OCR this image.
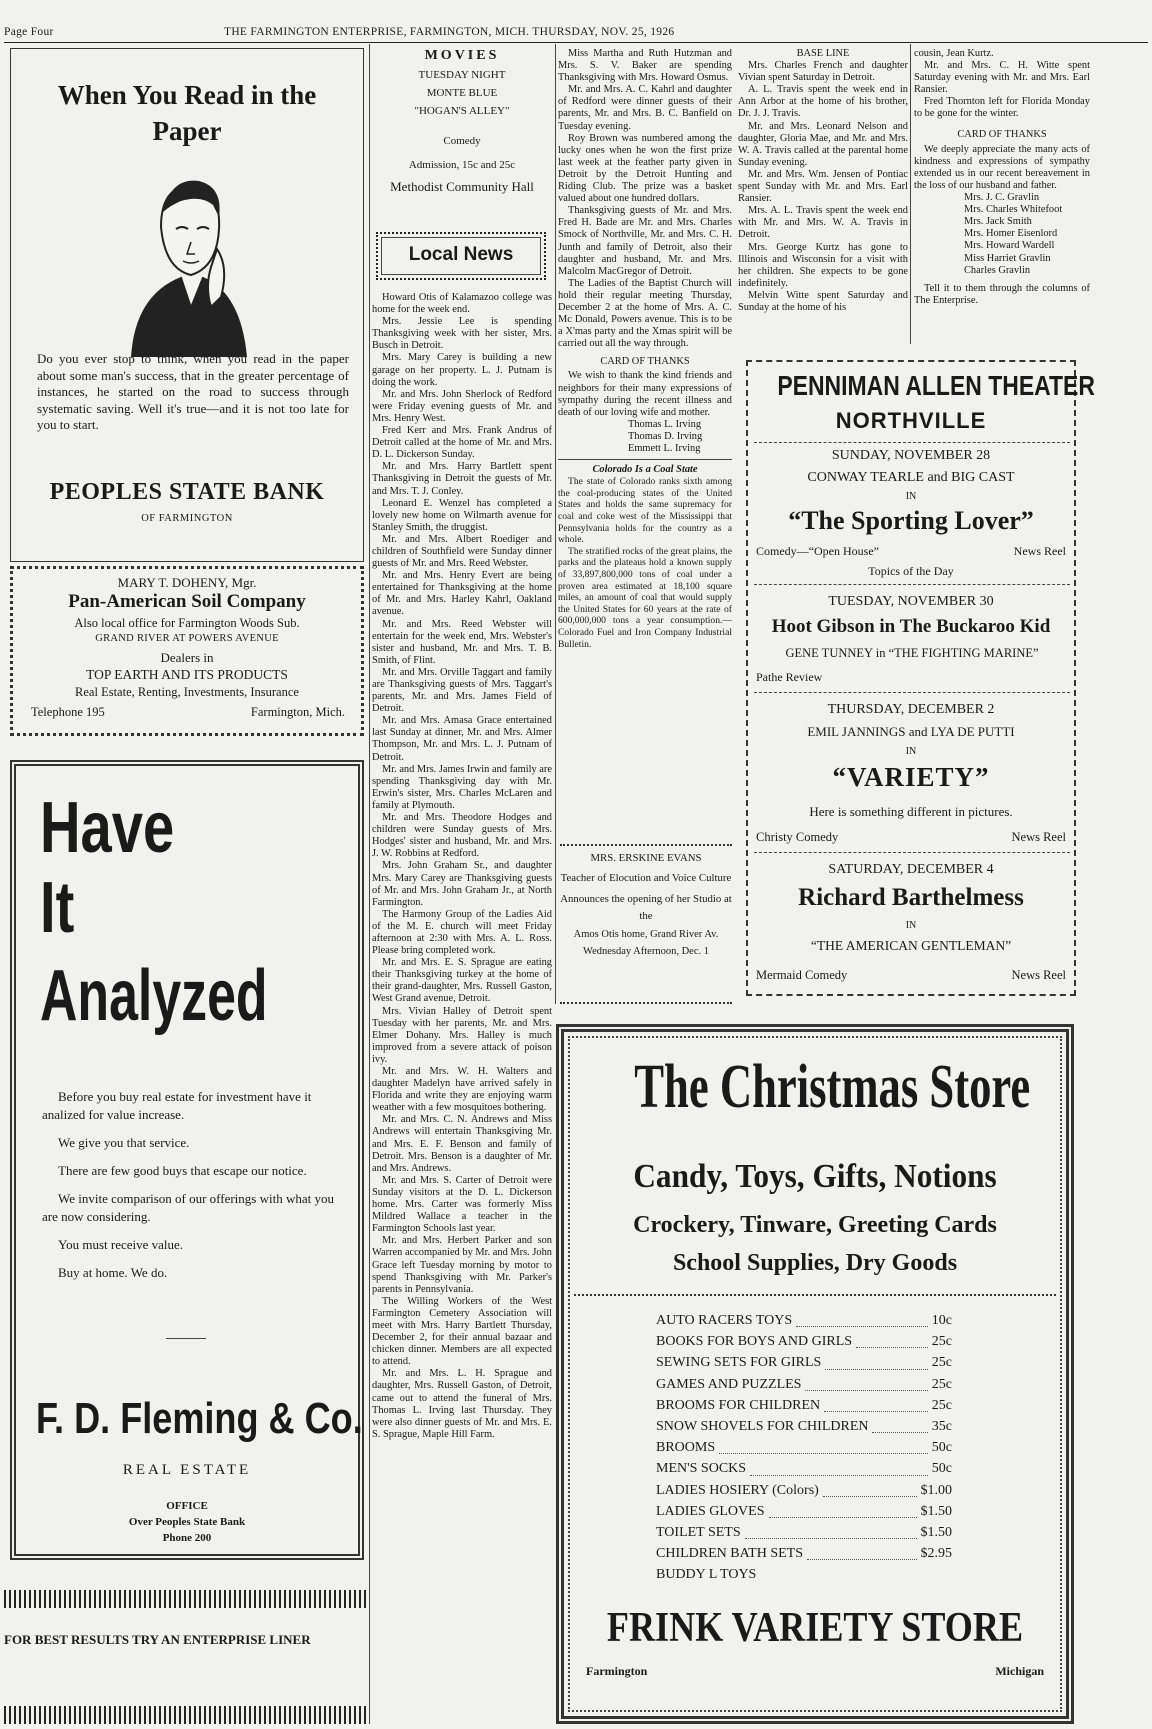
Page Four	THE FARMINGTON ENTERPRISE, FARMINGTON, MICH. THURSDAY, NOV. 25, 1926
When You Read in the Paper
Do you ever stop to think, when you read in the paper about some man's success, that in the greater percentage of instances, he started on the road to success through systematic saving. Well it's true—and it is not too late for you to start.
PEOPLES STATE BANK
OF FARMINGTON
MARY T. DOHENY, Mgr.
Pan-American Soil Company
Also local office for Farmington Woods Sub.
GRAND RIVER AT POWERS AVENUE
Dealers in
TOP EARTH AND ITS PRODUCTS
Real Estate, Renting, Investments, Insurance
Telephone 195	Farmington, Mich.
Have
It
Analyzed

Before you buy real estate for investment have it analized for value increase.

We give you that service.

There are few good buys that escape our notice.

We invite comparison of our offerings with what you are now considering.

You must receive value.

Buy at home. We do.

F. D. Fleming & Co.
REAL ESTATE
OFFICE
Over Peoples State Bank
Phone 200
FOR BEST RESULTS TRY AN ENTERPRISE LINER
MOVIES
TUESDAY NIGHT
MONTE BLUE
"HOGAN'S ALLEY"
Comedy
Admission, 15c and 25c
Methodist Community Hall
Local News

Howard Otis of Kalamazoo college was home for the week end.

Mrs. Jessie Lee is spending Thanksgiving week with her sister, Mrs. Busch in Detroit.

Mrs. Mary Carey is building a new garage on her property. L. J. Putnam is doing the work.

Mr. and Mrs. John Sherlock of Redford were Friday evening guests of Mr. and Mrs. Henry West.

Fred Kerr and Mrs. Frank Andrus of Detroit called at the home of Mr. and Mrs. D. L. Dickerson Sunday.

Mr. and Mrs. Harry Bartlett spent Thanksgiving in Detroit the guests of Mr. and Mrs. T. J. Conley.

Leonard E. Wenzel has completed a lovely new home on Wilmarth avenue for Stanley Smith, the druggist.

Mr. and Mrs. Albert Roediger and children of Southfield were Sunday dinner guests of Mr. and Mrs. Reed Webster.

Mr. and Mrs. Henry Evert are being entertained for Thanksgiving at the home of Mr. and Mrs. Harley Kahrl, Oakland avenue.

Mr. and Mrs. Reed Webster will entertain for the week end, Mrs. Webster's sister and husband, Mr. and Mrs. T. B. Smith, of Flint.

Mr. and Mrs. Orville Taggart and family are Thanksgiving guests of Mrs. Taggart's parents, Mr. and Mrs. James Field of Detroit.

Mr. and Mrs. Amasa Grace entertained last Sunday at dinner, Mr. and Mrs. Almer Thompson, Mr. and Mrs. L. J. Putnam of Detroit.

Mr. and Mrs. James Irwin and family are spending Thanksgiving day with Mr. Erwin's sister, Mrs. Charles McLaren and family at Plymouth.

Mr. and Mrs. Theodore Hodges and children were Sunday guests of Mrs. Hodges' sister and husband, Mr. and Mrs. J. W. Robbins at Redford.

Mrs. John Graham Sr., and daughter Mrs. Mary Carey are Thanksgiving guests of Mr. and Mrs. John Graham Jr., at North Farmington.

The Harmony Group of the Ladies Aid of the M. E. church will meet Friday afternoon at 2:30 with Mrs. A. L. Ross. Please bring completed work.

Mr. and Mrs. E. S. Sprague are eating their Thanksgiving turkey at the home of their grand-daughter, Mrs. Russell Gaston, West Grand avenue, Detroit.

Mrs. Vivian Halley of Detroit spent Tuesday with her parents, Mr. and Mrs. Elmer Dohany. Mrs. Halley is much improved from a severe attack of poison ivy.

Mr. and Mrs. W. H. Walters and daughter Madelyn have arrived safely in Florida and write they are enjoying warm weather with a few mosquitoes bothering.

Mr. and Mrs. C. N. Andrews and Miss Andrews will entertain Thanksgiving Mr. and Mrs. E. F. Benson and family of Detroit. Mrs. Benson is a daughter of Mr. and Mrs. Andrews.

Mr. and Mrs. S. Carter of Detroit were Sunday visitors at the D. L. Dickerson home. Mrs. Carter was formerly Miss Mildred Wallace a teacher in the Farmington Schools last year.

Mr. and Mrs. Herbert Parker and son Warren accompanied by Mr. and Mrs. John Grace left Tuesday morning by motor to spend Thanksgiving with Mr. Parker's parents in Pennsylvania.

The Willing Workers of the West Farmington Cemetery Association will meet with Mrs. Harry Bartlett Thursday, December 2, for their annual bazaar and chicken dinner. Members are all expected to attend.

Mr. and Mrs. L. H. Sprague and daughter, Mrs. Russell Gaston, of Detroit, came out to attend the funeral of Mrs. Thomas L. Irving last Thursday. They were also dinner guests of Mr. and Mrs. E. S. Sprague, Maple Hill Farm.

Miss Martha and Ruth Hutzman and Mrs. S. V. Baker are spending Thanksgiving with Mrs. Howard Osmus.

Mr. and Mrs. A. C. Kahrl and daughter of Redford were dinner guests of their parents, Mr. and Mrs. B. C. Banfield on Tuesday evening.

Roy Brown was numbered among the lucky ones when he won the first prize last week at the feather party given in Detroit by the Detroit Hunting and Riding Club. The prize was a basket valued about one hundred dollars.

Thanksgiving guests of Mr. and Mrs. Fred H. Bade are Mr. and Mrs. Charles Smock of Northville, Mr. and Mrs. C. H. Junth and family of Detroit, also their daughter and husband, Mr. and Mrs. Malcolm MacGregor of Detroit.

The Ladies of the Baptist Church will hold their regular meeting Thursday, December 2 at the home of Mrs. A. C. Mc Donald, Powers avenue. This is to be a X'mas party and the Xmas spirit will be carried out all the way through.

CARD OF THANKS

We wish to thank the kind friends and neighbors for their many expressions of sympathy during the recent illness and death of our loving wife and mother.

Thomas L. Irving
Thomas D. Irving
Emmett L. Irving
Colorado Is a Coal State

The state of Colorado ranks sixth among the coal-producing states of the United States and holds the same supremacy for coal and coke west of the Mississippi that Pennsylvania holds for the country as a whole.

The stratified rocks of the great plains, the parks and the plateaus hold a known supply of 33,897,800,000 tons of coal under a proven area estimated at 18,100 square miles, an amount of coal that would supply the United States for 60 years at the rate of 600,000,000 tons a year consumption.—Colorado Fuel and Iron Company Industrial Bulletin.

MRS. ERSKINE EVANS
Teacher of Elocution and Voice Culture
Announces the opening of her Studio at the
Amos Otis home, Grand River Av.
Wednesday Afternoon, Dec. 1
BASE LINE

Mrs. Charles French and daughter Vivian spent Saturday in Detroit.

A. L. Travis spent the week end in Ann Arbor at the home of his brother, Dr. J. J. Travis.

Mr. and Mrs. Leonard Nelson and daughter, Gloria Mae, and Mr. and Mrs. W. A. Travis called at the parental home Sunday evening.

Mr. and Mrs. Wm. Jensen of Pontiac spent Sunday with Mr. and Mrs. Earl Ransier.

Mrs. A. L. Travis spent the week end with Mr. and Mrs. W. A. Travis in Detroit.

Mrs. George Kurtz has gone to Illinois and Wisconsin for a visit with her children. She expects to be gone indefinitely.

Melvin Witte spent Saturday and Sunday at the home of his

cousin, Jean Kurtz.

Mr. and Mrs. C. H. Witte spent Saturday evening with Mr. and Mrs. Earl Ransier.

Fred Thornton left for Florida Monday to be gone for the winter.

CARD OF THANKS

We deeply appreciate the many acts of kindness and expressions of sympathy extended us in our recent bereavement in the loss of our husband and father.

Mrs. J. C. Gravlin
Mrs. Charles Whitefoot
Mrs. Jack Smith
Mrs. Homer Eisenlord
Mrs. Howard Wardell
Miss Harriet Gravlin
Charles Gravlin

Tell it to them through the columns of The Enterprise.

PENNIMAN ALLEN THEATER
NORTHVILLE
SUNDAY, NOVEMBER 28
CONWAY TEARLE and BIG CAST
IN
“The Sporting Lover”
Comedy—“Open House”	News Reel
Topics of the Day
TUESDAY, NOVEMBER 30
Hoot Gibson in The Buckaroo Kid
GENE TUNNEY in “THE FIGHTING MARINE”
Pathe Review
THURSDAY, DECEMBER 2
EMIL JANNINGS and LYA DE PUTTI
IN
“VARIETY”
Here is something different in pictures.
Christy Comedy	News Reel
SATURDAY, DECEMBER 4
Richard Barthelmess
IN
“THE AMERICAN GENTLEMAN”
Mermaid Comedy	News Reel
The Christmas Store
Candy, Toys, Gifts, Notions
Crockery, Tinware, Greeting Cards
School Supplies, Dry Goods
AUTO RACERS TOYS	10c
BOOKS FOR BOYS AND GIRLS	25c
SEWING SETS FOR GIRLS	25c
GAMES AND PUZZLES	25c
BROOMS FOR CHILDREN	25c
SNOW SHOVELS FOR CHILDREN	35c
BROOMS	50c
MEN'S SOCKS	50c
LADIES HOSIERY (Colors)	$1.00
LADIES GLOVES	$1.50
TOILET SETS	$1.50
CHILDREN BATH SETS	$2.95
BUDDY L TOYS
FRINK VARIETY STORE
Farmington	Michigan
